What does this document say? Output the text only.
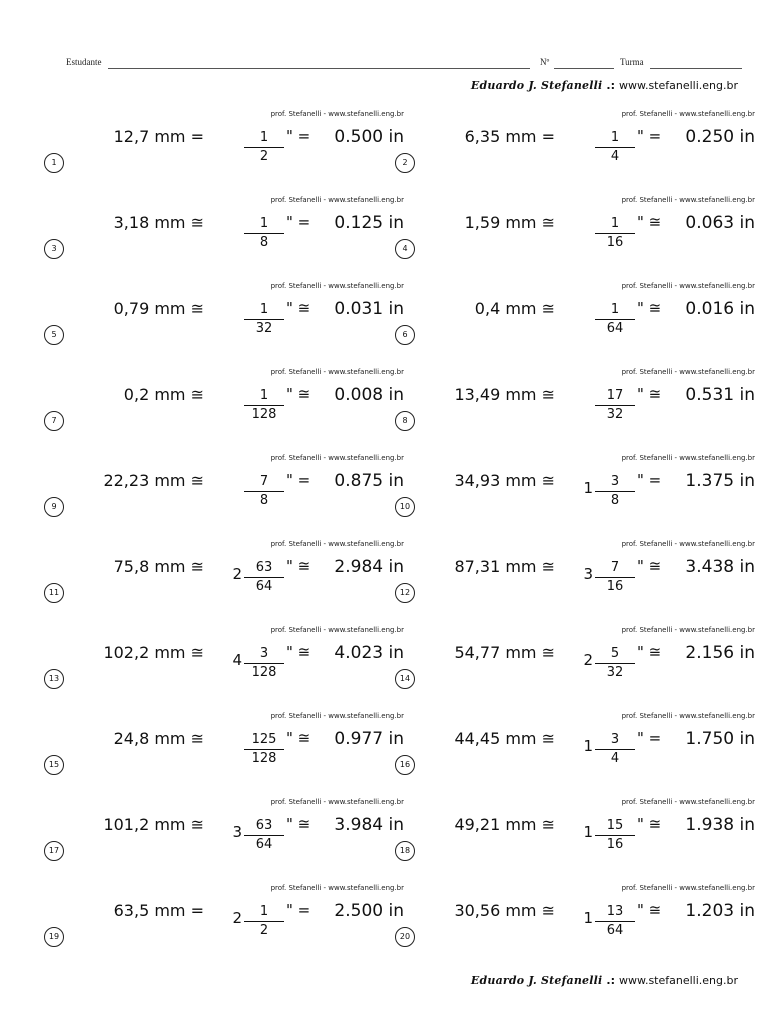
Estudante	Nº	Turma
Eduardo J. Stefanelli .: www.stefanelli.eng.br
prof. Stefanelli - www.stefanelli.eng.br
12,7 mm =	$\frac{1}{2}$ " = 0.500 in
1
prof. Stefanelli - www.stefanelli.eng.br
6,35 mm =	$\frac{1}{4}$ " = 0.250 in
2
prof. Stefanelli - www.stefanelli.eng.br
3,18 mm ≅	$\frac{1}{8}$ " = 0.125 in
3
prof. Stefanelli - www.stefanelli.eng.br
1,59 mm ≅	$\frac{1}{16}$ " ≅ 0.063 in
4
prof. Stefanelli - www.stefanelli.eng.br
0,79 mm ≅	$\frac{1}{32}$ " ≅ 0.031 in
5
prof. Stefanelli - www.stefanelli.eng.br
0,4 mm ≅	$\frac{1}{64}$ " ≅ 0.016 in
6
prof. Stefanelli - www.stefanelli.eng.br
0,2 mm ≅	$\frac{1}{128}$ " ≅ 0.008 in
7
prof. Stefanelli - www.stefanelli.eng.br
13,49 mm ≅	$\frac{17}{32}$ " ≅ 0.531 in
8
prof. Stefanelli - www.stefanelli.eng.br
22,23 mm ≅	$\frac{7}{8}$ " = 0.875 in
9
prof. Stefanelli - www.stefanelli.eng.br
34,93 mm ≅ $1 \frac{3}{8}$ " = 1.375 in
10
prof. Stefanelli - www.stefanelli.eng.br
75,8 mm ≅ $2 \frac{63}{64}$ " ≅ 2.984 in
11
prof. Stefanelli - www.stefanelli.eng.br
87,31 mm ≅ $3 \frac{7}{16}$ " ≅ 3.438 in
12
prof. Stefanelli - www.stefanelli.eng.br
102,2 mm ≅ $4 \frac{3}{128}$ " ≅ 4.023 in
13
prof. Stefanelli - www.stefanelli.eng.br
54,77 mm ≅ $2 \frac{5}{32}$ " ≅ 2.156 in
14
prof. Stefanelli - www.stefanelli.eng.br
24,8 mm ≅	$\frac{125}{128}$ " ≅ 0.977 in
15
prof. Stefanelli - www.stefanelli.eng.br
44,45 mm ≅ $1 \frac{3}{4}$ " = 1.750 in
16
prof. Stefanelli - www.stefanelli.eng.br
101,2 mm ≅ $3 \frac{63}{64}$ " ≅ 3.984 in
17
prof. Stefanelli - www.stefanelli.eng.br
49,21 mm ≅ $1 \frac{15}{16}$ " ≅ 1.938 in
18
prof. Stefanelli - www.stefanelli.eng.br
63,5 mm = $2 \frac{1}{2}$ " = 2.500 in
19
prof. Stefanelli - www.stefanelli.eng.br
30,56 mm ≅ $1 \frac{13}{64}$ " ≅ 1.203 in
20
Eduardo J. Stefanelli .: www.stefanelli.eng.br
